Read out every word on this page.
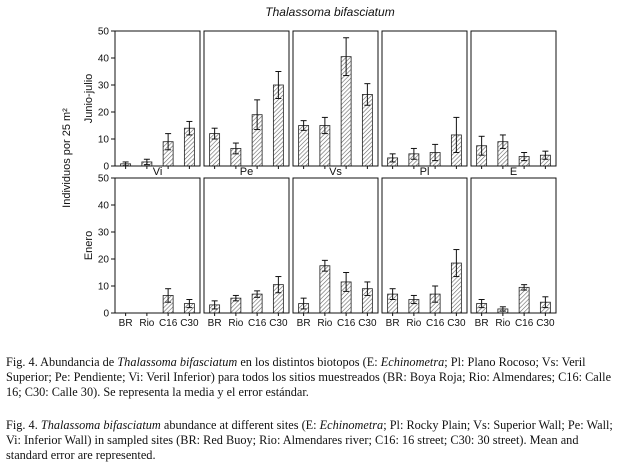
Thalassoma bifasciatum
Individuos por 25 m²	0
10
20
30
40
50
Junio-julio
Vi	Pe	Vs	Pl	E
0
10
20
30
40
50
Enero
BR Rio C16 C30 BR Rio C16 C30 BR Rio C16 C30 BR Rio C16 C30 BR Rio C16 C30

Fig. 4. Abundancia de Thalassoma bifasciatum en los distintos biotopos (E: Echinometra; Pl: Plano Rocoso; Vs: Veril Superior; Pe: Pendiente; Vi: Veril Inferior) para todos los sitios muestreados (BR: Boya Roja; Rio: Almendares; C16: Calle 16; C30: Calle 30). Se representa la media y el error estándar.

Fig. 4. Thalassoma bifasciatum abundance at different sites (E: Echinometra; Pl: Rocky Plain; Vs: Superior Wall; Pe: Wall; Vi: Inferior Wall) in sampled sites (BR: Red Buoy; Rio: Almendares river; C16: 16 street; C30: 30 street). Mean and standard error are represented.
